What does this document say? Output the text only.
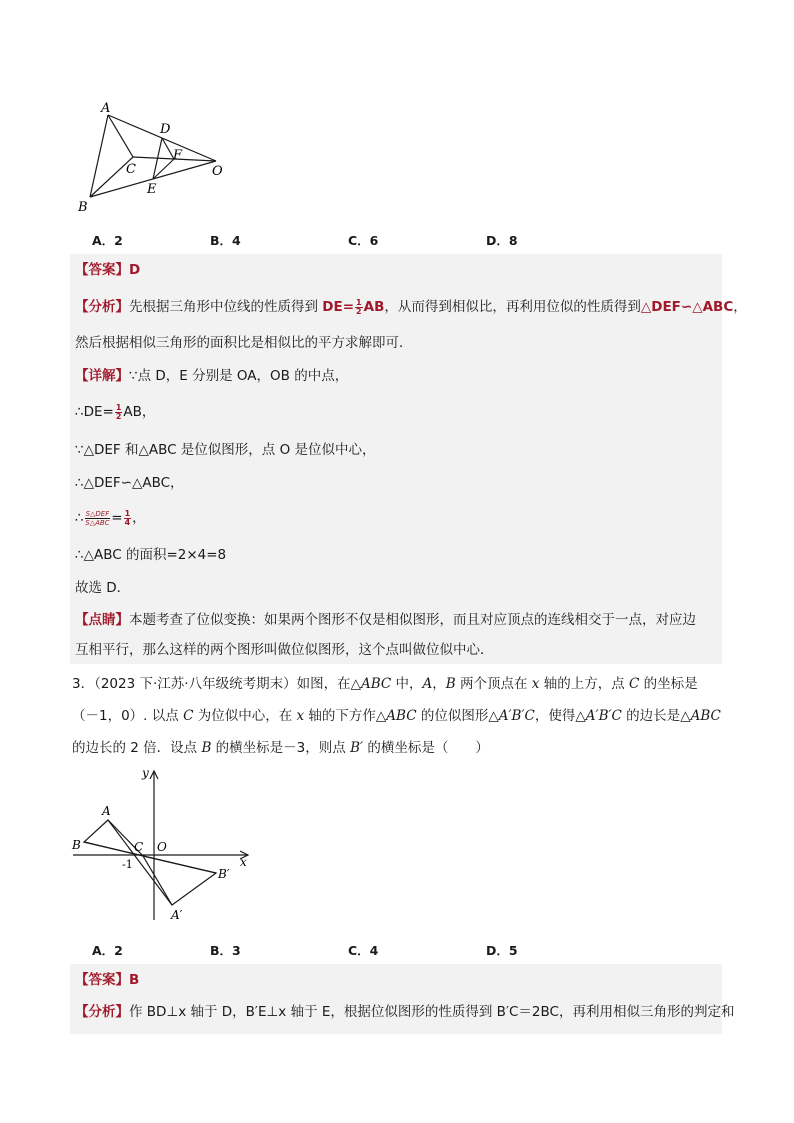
A
B
C
D
E
F
O
A．2	B．4	C．6	D．8
【答案】D
【分析】先根据三角形中位线的性质得到 $DE= \frac{1}{2}$ AB，从而得到相似比，再利用位似的性质得到△DEF∽△ABC，
然后根据相似三角形的面积比是相似比的平方求解即可．
【详解】∵点 D，E 分别是 OA，OB 的中点，
∴DE= $\frac{1}{2}$ AB，
∵△DEF 和△ABC 是位似图形，点 O 是位似中心，
∴△DEF∽△ABC，
∴ $\frac{\text{S△DEF}}{\text{S△ABC}} = \frac{1}{4}$ ，
∴△ABC 的面积=2×4=8
故选 D．
【点睛】本题考查了位似变换：如果两个图形不仅是相似图形，而且对应顶点的连线相交于一点，对应边
互相平行，那么这样的两个图形叫做位似图形，这个点叫做位似中心．
3．（2023 下·江苏·八年级统考期末）如图，在△ABC 中，A，B 两个顶点在 x 轴的上方，点 C 的坐标是
（－1，0）. 以点 C 为位似中心，在 x 轴的下方作△ABC 的位似图形△A′B′C，使得△A′B′C 的边长是△ABC
的边长的 2 倍．设点 B 的横坐标是－3，则点 B′ 的横坐标是（　　）
y
x
A
B	C O
-1
B′
A′
A．2	B．3	C．4	D．5
【答案】B
【分析】作 BD⊥x 轴于 D，B′E⊥x 轴于 E，根据位似图形的性质得到 B′C＝2BC，再利用相似三角形的判定和
